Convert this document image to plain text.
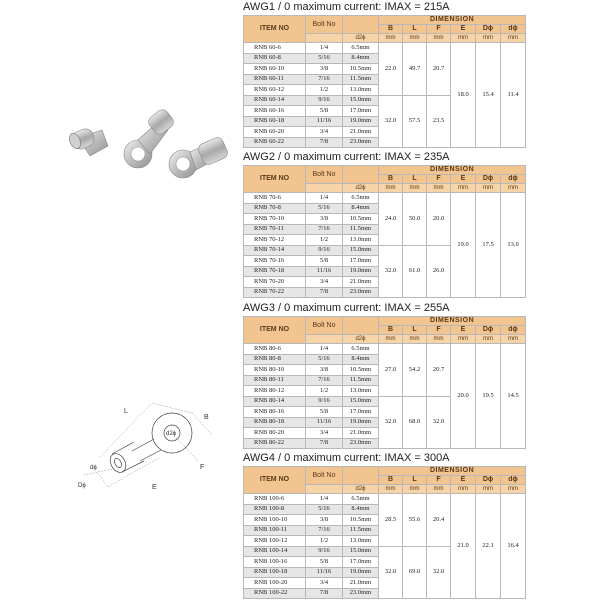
L
B
d2ϕ
dϕ
Dϕ
F
E
AWG1 / 0 maximum current: IMAX = 215A
ITEM NO	Bolt No		DIMENSION					
			B	L	F	E	Dϕ	dϕ
		d2ϕ	mm	mm	mm	mm	mm	mm
RNB 60-6	1/4	6.5mm	22.0	49.7	20.7	18.0	15.4	11.4
RNB 60-8	5/16	8.4mm						
RNB 60-10	3/8	10.5mm						
RNB 60-11	7/16	11.5mm						
RNB 60-12	1/2	13.0mm						
RNB 60-14	9/16	15.0mm	32.0	57.5	23.5			
RNB 60-16	5/8	17.0mm						
RNB 60-18	11/16	19.0mm						
RNB 60-20	3/4	21.0mm						
RNB 60-22	7/8	23.0mm						
AWG2 / 0 maximum current: IMAX = 235A
ITEM NO	Bolt No		DIMENSION					
			B	L	F	E	Dϕ	dϕ
		d2ϕ	mm	mm	mm	mm	mm	mm
RNB 70-6	1/4	6.5mm	24.0	50.0	20.0	19.0	17.5	13.0
RNB 70-8	5/16	8.4mm						
RNB 70-10	3/8	10.5mm						
RNB 70-11	7/16	11.5mm						
RNB 70-12	1/2	13.0mm						
RNB 70-14	9/16	15.0mm	32.0	61.0	26.0			
RNB 70-16	5/8	17.0mm						
RNB 70-18	11/16	19.0mm						
RNB 70-20	3/4	21.0mm						
RNB 70-22	7/8	23.0mm						
AWG3 / 0 maximum current: IMAX = 255A
ITEM NO	Bolt No		DIMENSION					
			B	L	F	E	Dϕ	dϕ
		d2ϕ	mm	mm	mm	mm	mm	mm
RNB 80-6	1/4	6.5mm	27.0	54.2	20.7	20.0	19.5	14.5
RNB 80-8	5/16	8.4mm						
RNB 80-10	3/8	10.5mm						
RNB 80-11	7/16	11.5mm						
RNB 80-12	1/2	13.0mm						
RNB 80-14	9/16	15.0mm	32.0	68.0	32.0			
RNB 80-16	5/8	17.0mm						
RNB 80-18	11/16	19.0mm						
RNB 80-20	3/4	21.0mm						
RNB 80-22	7/8	23.0mm						
AWG4 / 0 maximum current: IMAX = 300A
ITEM NO	Bolt No		DIMENSION					
			B	L	F	E	Dϕ	dϕ
		d2ϕ	mm	mm	mm	mm	mm	mm
RNB 100-6	1/4	6.5mm	28.5	55.6	20.4	21.0	22.1	16.4
RNB 100-8	5/16	8.4mm						
RNB 100-10	3/8	10.5mm						
RNB 100-11	7/16	11.5mm						
RNB 100-12	1/2	13.0mm						
RNB 100-14	9/16	15.0mm	32.0	69.0	32.0			
RNB 100-16	5/8	17.0mm						
RNB 100-18	11/16	19.0mm						
RNB 100-20	3/4	21.0mm						
RNB 100-22	7/8	23.0mm						
